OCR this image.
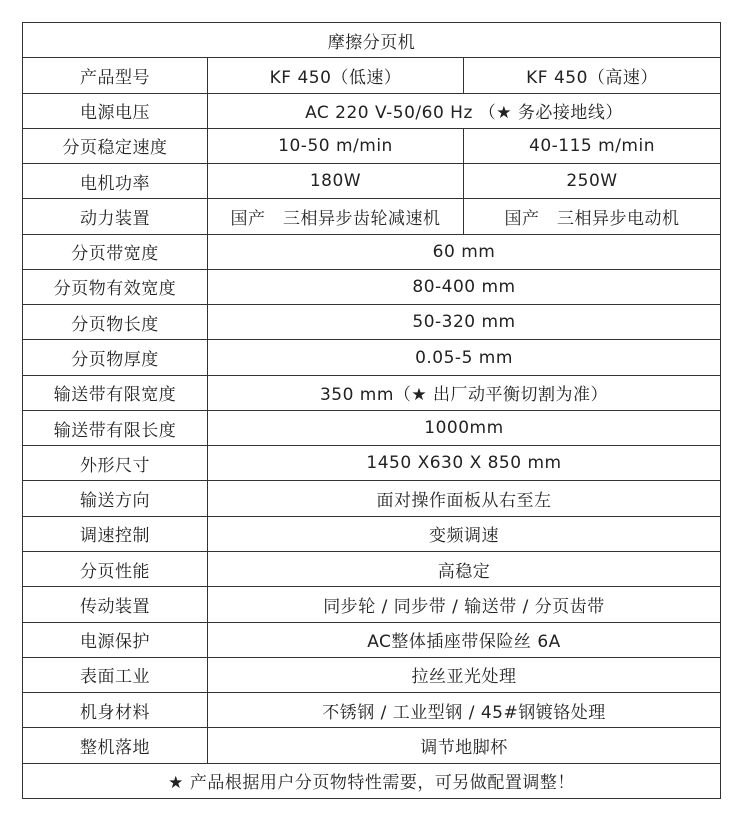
摩擦分页机		
产品型号	KF 450（低速）	KF 450（高速）
电源电压	AC 220 V-50/60 Hz （★ 务必接地线）	
分页稳定速度	10-50 m/min	40-115 m/min
电机功率	180W	250W
动力装置	国产　三相异步齿轮减速机	国产　三相异步电动机
分页带宽度	60 mm	
分页物有效宽度	80-400 mm	
分页物长度	50-320 mm	
分页物厚度	0.05-5 mm	
输送带有限宽度	350 mm（★ 出厂动平衡切割为准）	
输送带有限长度	1000mm	
外形尺寸	1450 X630 X 850 mm	
输送方向	面对操作面板从右至左	
调速控制	变频调速	
分页性能	高稳定	
传动装置	同步轮 / 同步带 / 输送带 / 分页齿带	
电源保护	AC整体插座带保险丝 6A	
表面工业	拉丝亚光处理	
机身材料	不锈钢 / 工业型钢 / 45#钢镀铬处理	
整机落地	调节地脚杯	
★ 产品根据用户分页物特性需要，可另做配置调整！		
